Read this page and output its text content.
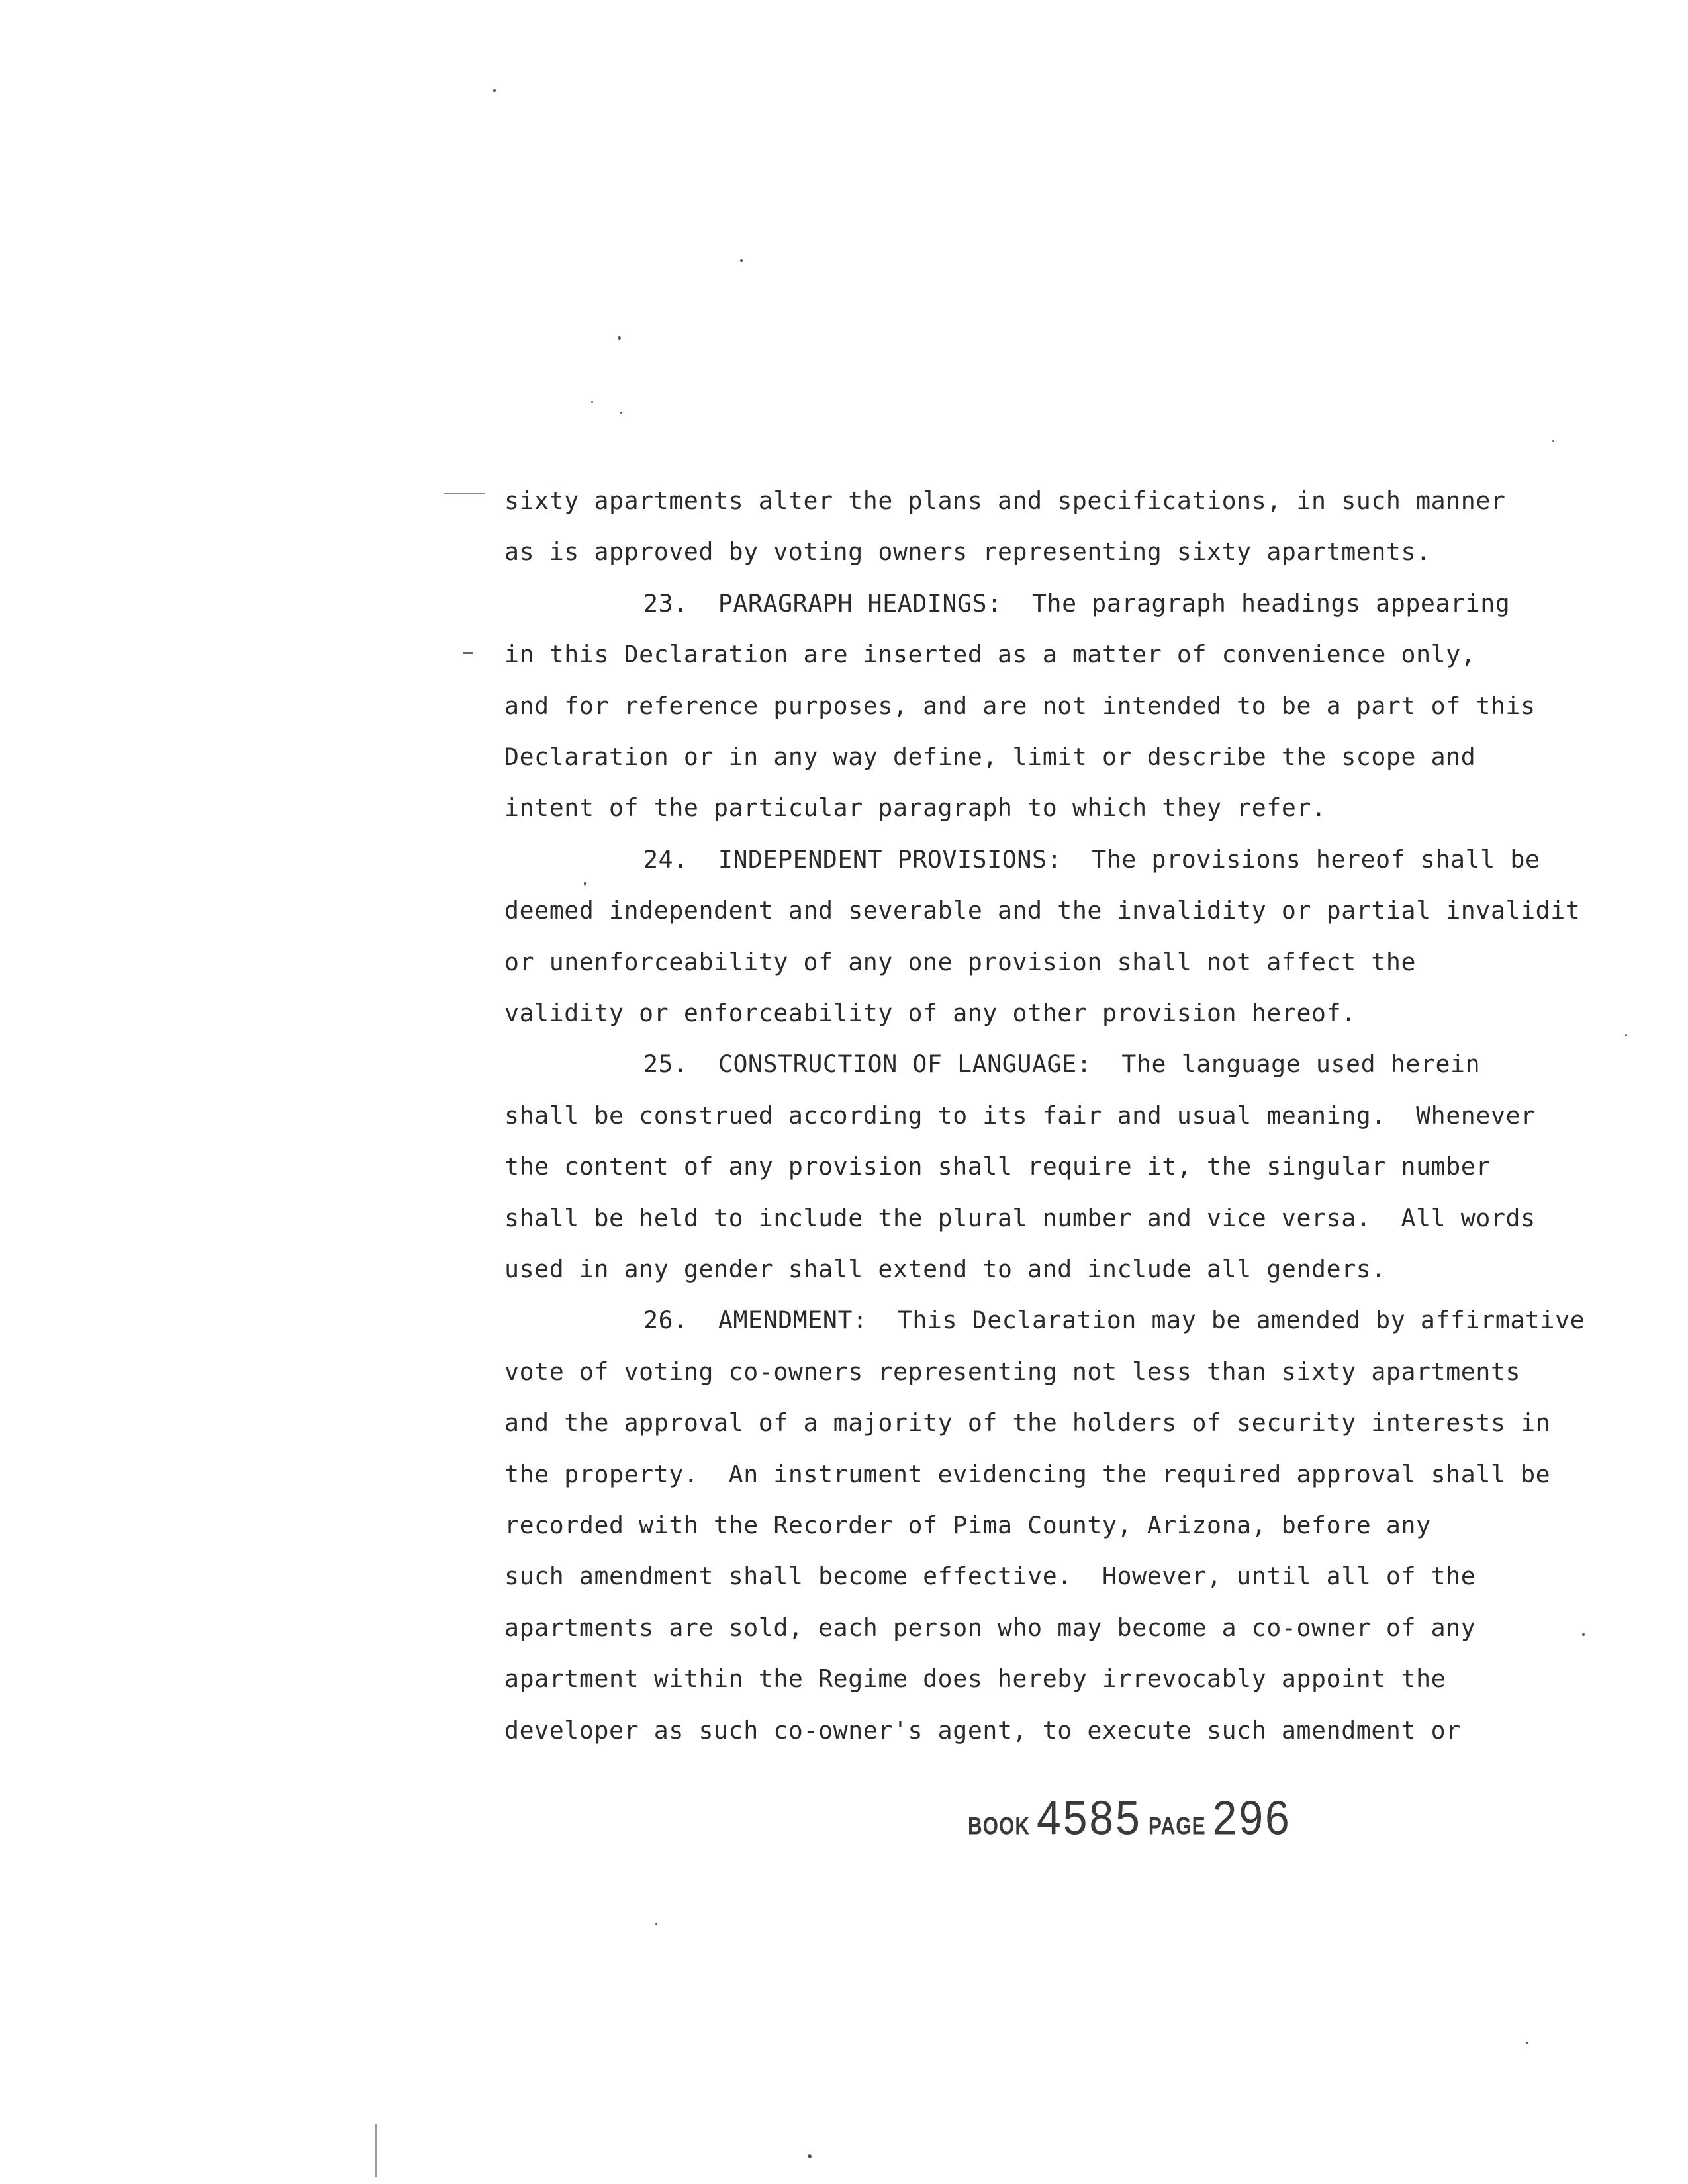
sixty apartments alter the plans and specifications, in such manner
as is approved by voting owners representing sixty apartments.
23.  PARAGRAPH HEADINGS:  The paragraph headings appearing
in this Declaration are inserted as a matter of convenience only,
and for reference purposes, and are not intended to be a part of this
Declaration or in any way define, limit or describe the scope and
intent of the particular paragraph to which they refer.
24.  INDEPENDENT PROVISIONS:  The provisions hereof shall be
deemed independent and severable and the invalidity or partial invalidit
or unenforceability of any one provision shall not affect the
validity or enforceability of any other provision hereof.
25.  CONSTRUCTION OF LANGUAGE:  The language used herein
shall be construed according to its fair and usual meaning.  Whenever
the content of any provision shall require it, the singular number
shall be held to include the plural number and vice versa.  All words
used in any gender shall extend to and include all genders.
26.  AMENDMENT:  This Declaration may be amended by affirmative
vote of voting co-owners representing not less than sixty apartments
and the approval of a majority of the holders of security interests in
the property.  An instrument evidencing the required approval shall be
recorded with the Recorder of Pima County, Arizona, before any
such amendment shall become effective.  However, until all of the
apartments are sold, each person who may become a co-owner of any
apartment within the Regime does hereby irrevocably appoint the
developer as such co-owner's agent, to execute such amendment or
BOOK 4585 PAGE 296
